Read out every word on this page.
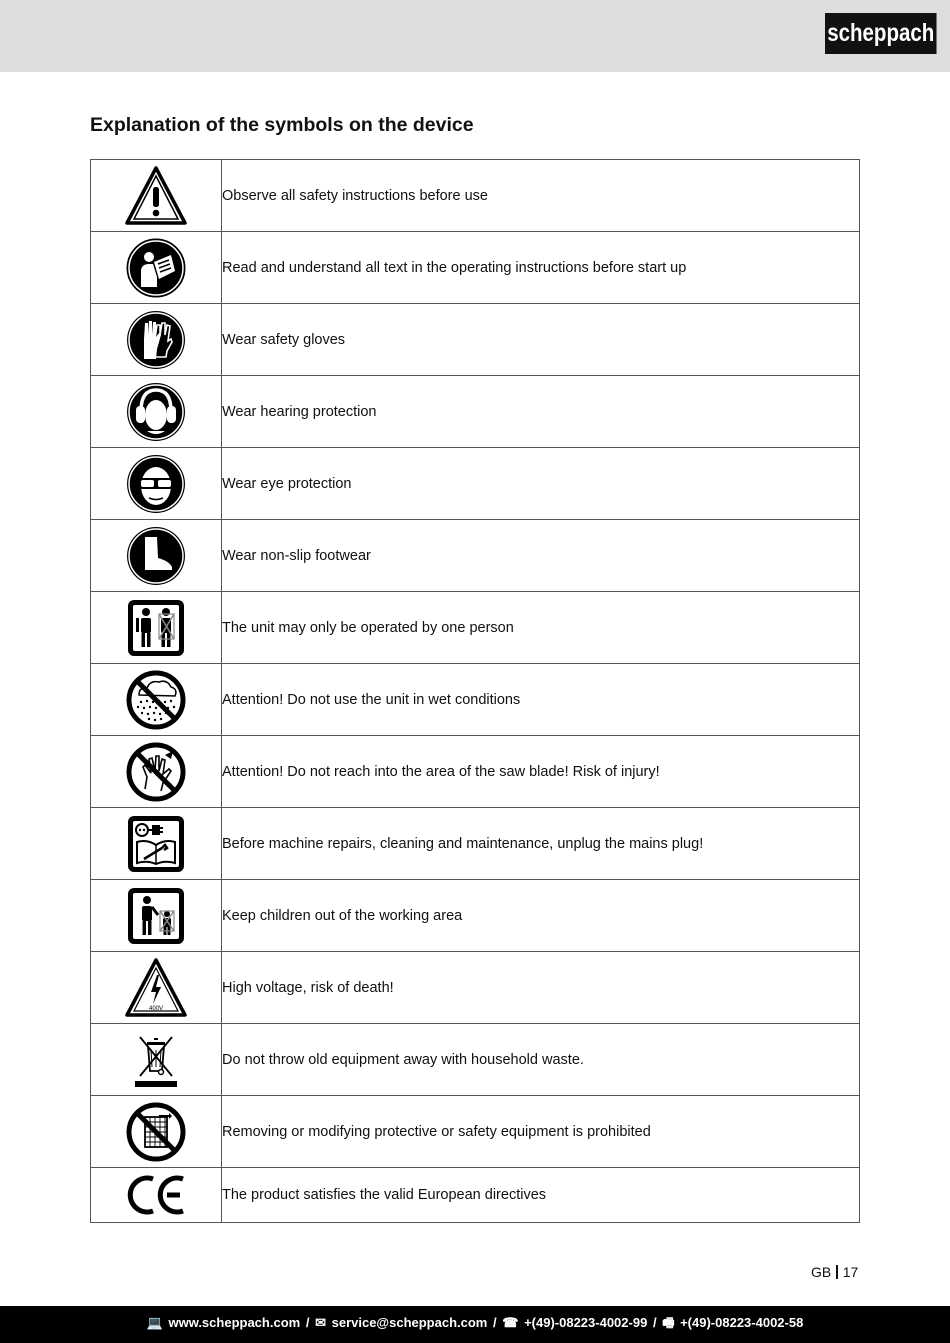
scheppach
Explanation of the symbols on the device
	Observe all safety instructions before use

	Read and understand all text in the operating instructions before start up

	Wear safety gloves

	Wear hearing protection

	Wear eye protection

	Wear non-slip footwear

	The unit may only be operated by one person

	Attention! Do not use the unit in wet conditions

	Attention! Do not reach into the area of the saw blade! Risk of injury!

	Before machine repairs, cleaning and maintenance, unplug the mains plug!

	Keep children out of the working area

400V	High voltage, risk of death!

	Do not throw old equipment away with household waste.

	Removing or modifying protective or safety equipment is prohibited

	The product satisfies the valid European directives
GB 17
💻 www.scheppach.com / ✉ service@scheppach.com / ☎ +(49)-08223-4002-99 / 🖷 +(49)-08223-4002-58
